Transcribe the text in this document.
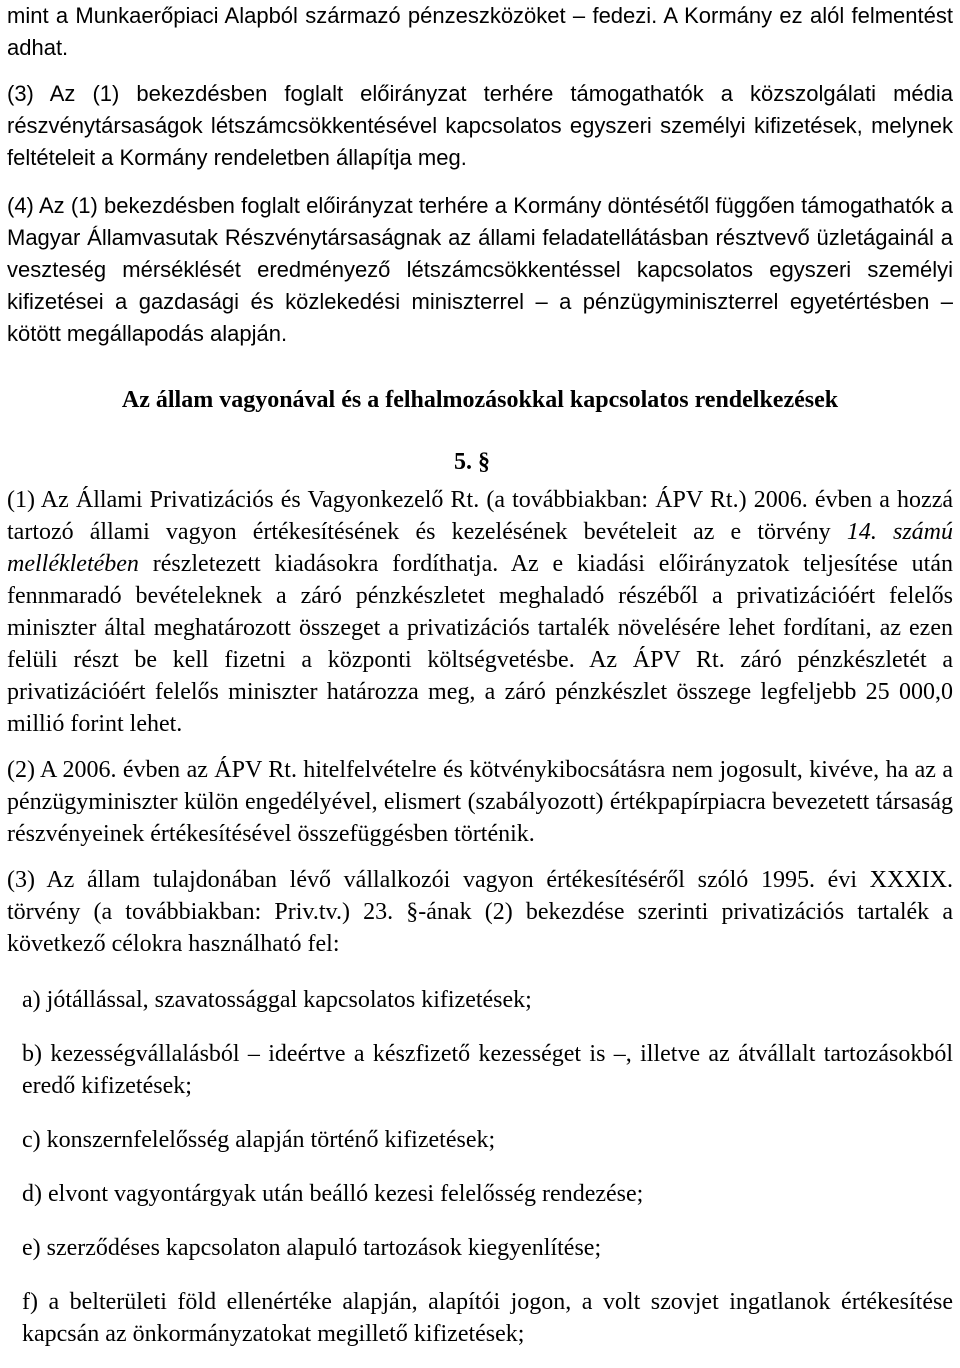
mint a Munkaerőpiaci Alapból származó pénzeszközöket – fedezi. A Kormány ez alól felmentést adhat.

(3) Az (1) bekezdésben foglalt előirányzat terhére támogathatók a közszolgálati média részvénytársaságok létszámcsökkentésével kapcsolatos egyszeri személyi kifizetések, melynek feltételeit a Kormány rendeletben állapítja meg.

(4) Az (1) bekezdésben foglalt előirányzat terhére a Kormány döntésétől függően támogathatók a Magyar Államvasutak Részvénytársaságnak az állami feladatellátásban résztvevő üzletágainál a veszteség mérséklését eredményező létszámcsökkentéssel kapcsolatos egyszeri személyi kifizetései a gazdasági és közlekedési miniszterrel – a pénzügyminiszterrel egyetértésben – kötött megállapodás alapján.

Az állam vagyonával és a felhalmozásokkal kapcsolatos rendelkezések
5. §

(1) Az Állami Privatizációs és Vagyonkezelő Rt. (a továbbiakban: ÁPV Rt.) 2006. évben a hozzá tartozó állami vagyon értékesítésének és kezelésének bevételeit az e törvény 14. számú mellékletében részletezett kiadásokra fordíthatja. Az e kiadási előirányzatok teljesítése után fennmaradó bevételeknek a záró pénzkészletet meghaladó részéből a privatizációért felelős miniszter által meghatározott összeget a privatizációs tartalék növelésére lehet fordítani, az ezen felüli részt be kell fizetni a központi költségvetésbe. Az ÁPV Rt. záró pénzkészletét a privatizációért felelős miniszter határozza meg, a záró pénzkészlet összege legfeljebb 25 000,0 millió forint lehet.

(2) A 2006. évben az ÁPV Rt. hitelfelvételre és kötvénykibocsátásra nem jogosult, kivéve, ha az a pénzügyminiszter külön engedélyével, elismert (szabályozott) értékpapírpiacra bevezetett társaság részvényeinek értékesítésével összefüggésben történik.

(3) Az állam tulajdonában lévő vállalkozói vagyon értékesítéséről szóló 1995. évi XXXIX. törvény (a továbbiakban: Priv.tv.) 23. §-ának (2) bekezdése szerinti privatizációs tartalék a következő célokra használható fel:

a) jótállással, szavatossággal kapcsolatos kifizetések;

b) kezességvállalásból – ideértve a készfizető kezességet is –, illetve az átvállalt tartozásokból eredő kifizetések;

c) konszernfelelősség alapján történő kifizetések;

d) elvont vagyontárgyak után beálló kezesi felelősség rendezése;

e) szerződéses kapcsolaton alapuló tartozások kiegyenlítése;

f) a belterületi föld ellenértéke alapján, alapítói jogon, a volt szovjet ingatlanok értékesítése kapcsán az önkormányzatokat megillető kifizetések;
